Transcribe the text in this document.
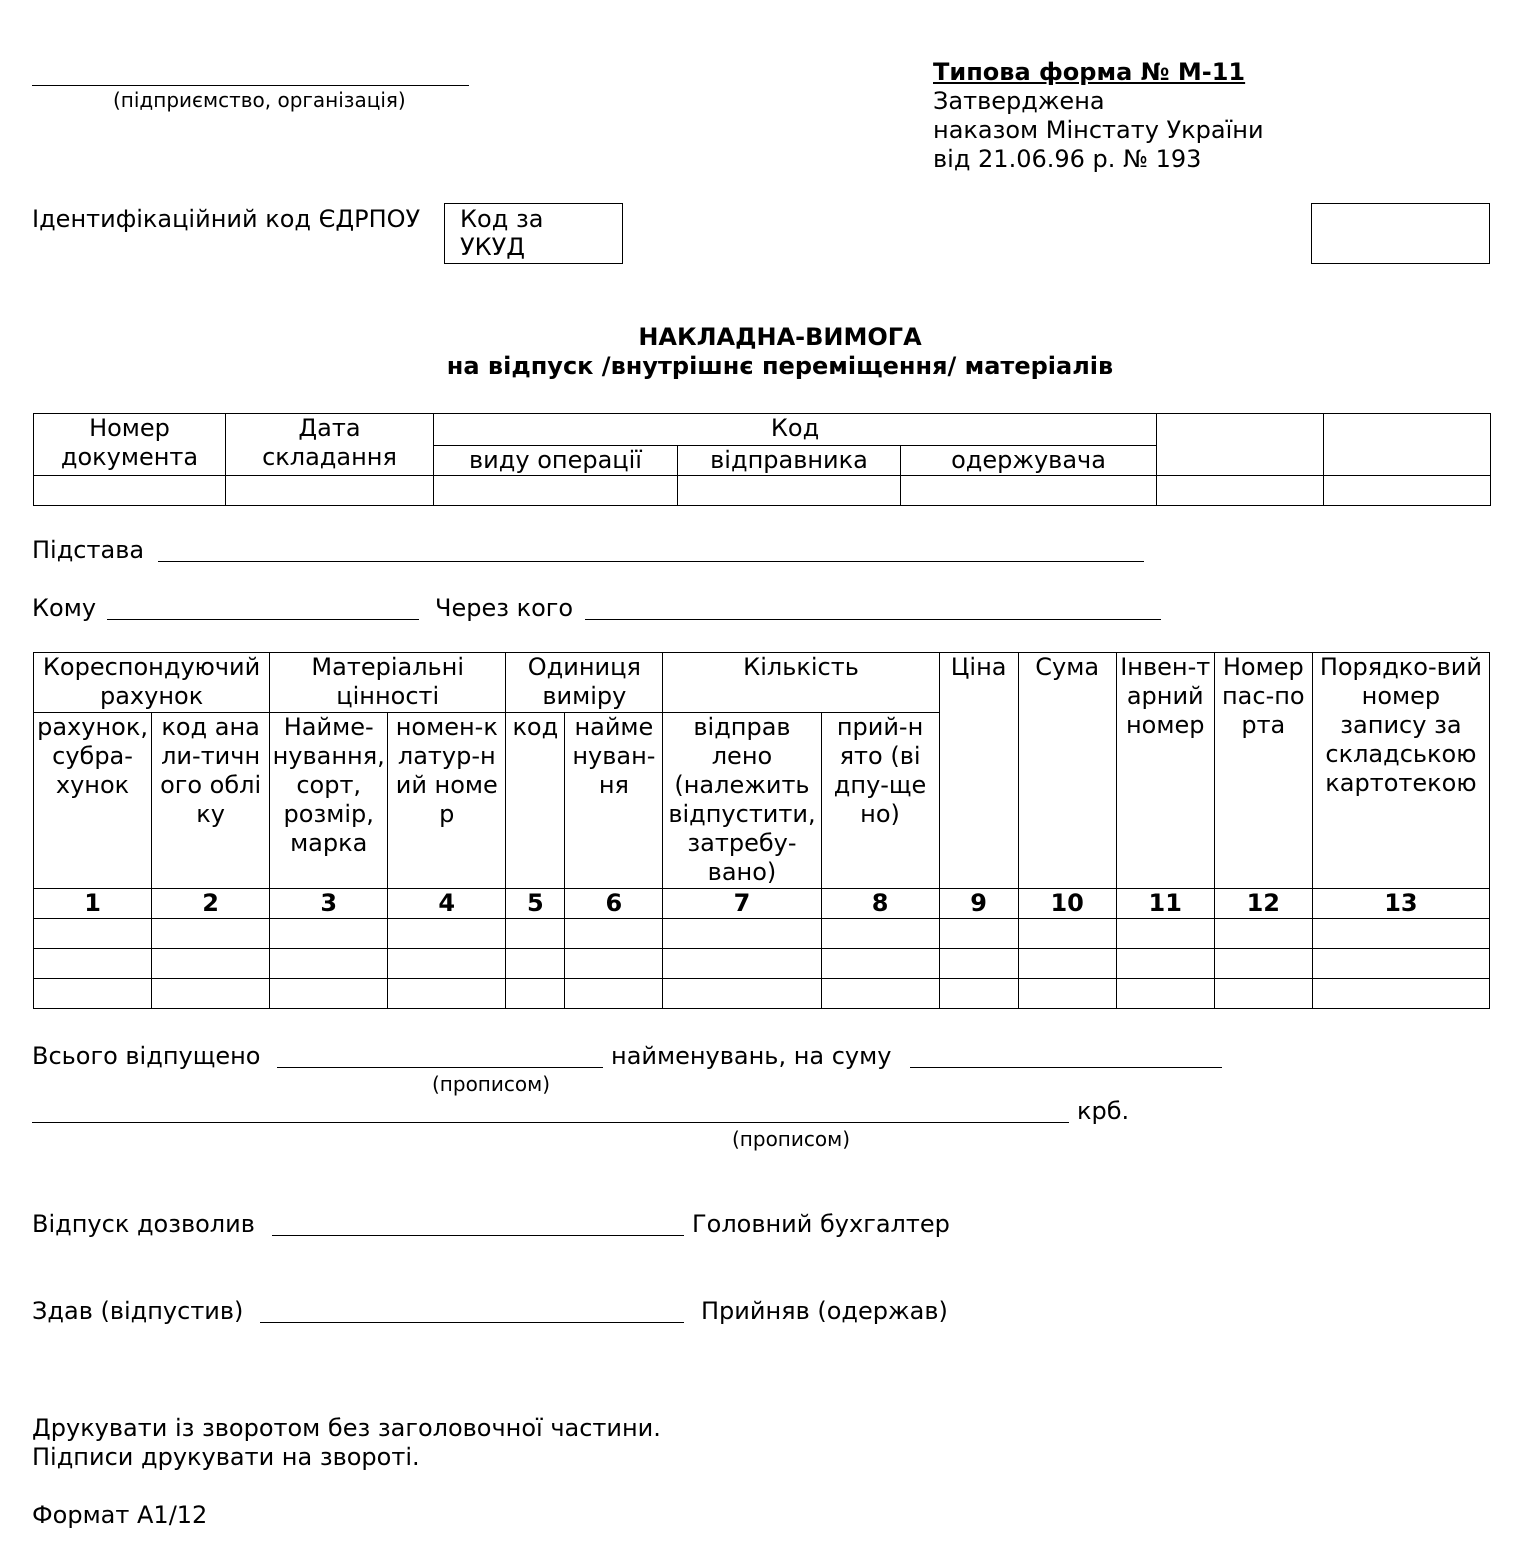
(підприємство, організація)
Типова форма № М-11
Затверджена
наказом Мінстату України
від 21.06.96 р. № 193
Ідентифікаційний код ЄДРПОУ Код за
УКУД
НАКЛАДНА-ВИМОГА
на відпуск /внутрішнє переміщення/ матеріалів
Номер документа	Дата складання	Код				
		виду операції	відправника	одержувача		

Підстава
Кому	Через кого
Кореспондуючий рахунок		Матеріальні цінності		Одиниця виміру		Кількість		Ціна	Сума	Інвен-тарний номер	Номер пас-порта	Порядко-вий номер запису за складською картотекою

рахунок, субра-хунок	код анали-тичного обліку	Найме-нування, сорт, розмір, марка	номен-клатур-ний номер	код	найме нуван-ня	відправ лено (належить відпустити, затребу-вано)	прий-нято (відпу-щено)					

1	2	3	4	5	6	7	8	9	10	11	12	13

Всього відпущено	найменувань, на суму
(прописом)
крб.
(прописом)
Відпуск дозволив	Головний бухгалтер
Здав (відпустив)	Прийняв (одержав)
Друкувати із зворотом без заголовочної частини.
Підписи друкувати на звороті.
Формат А1/12
